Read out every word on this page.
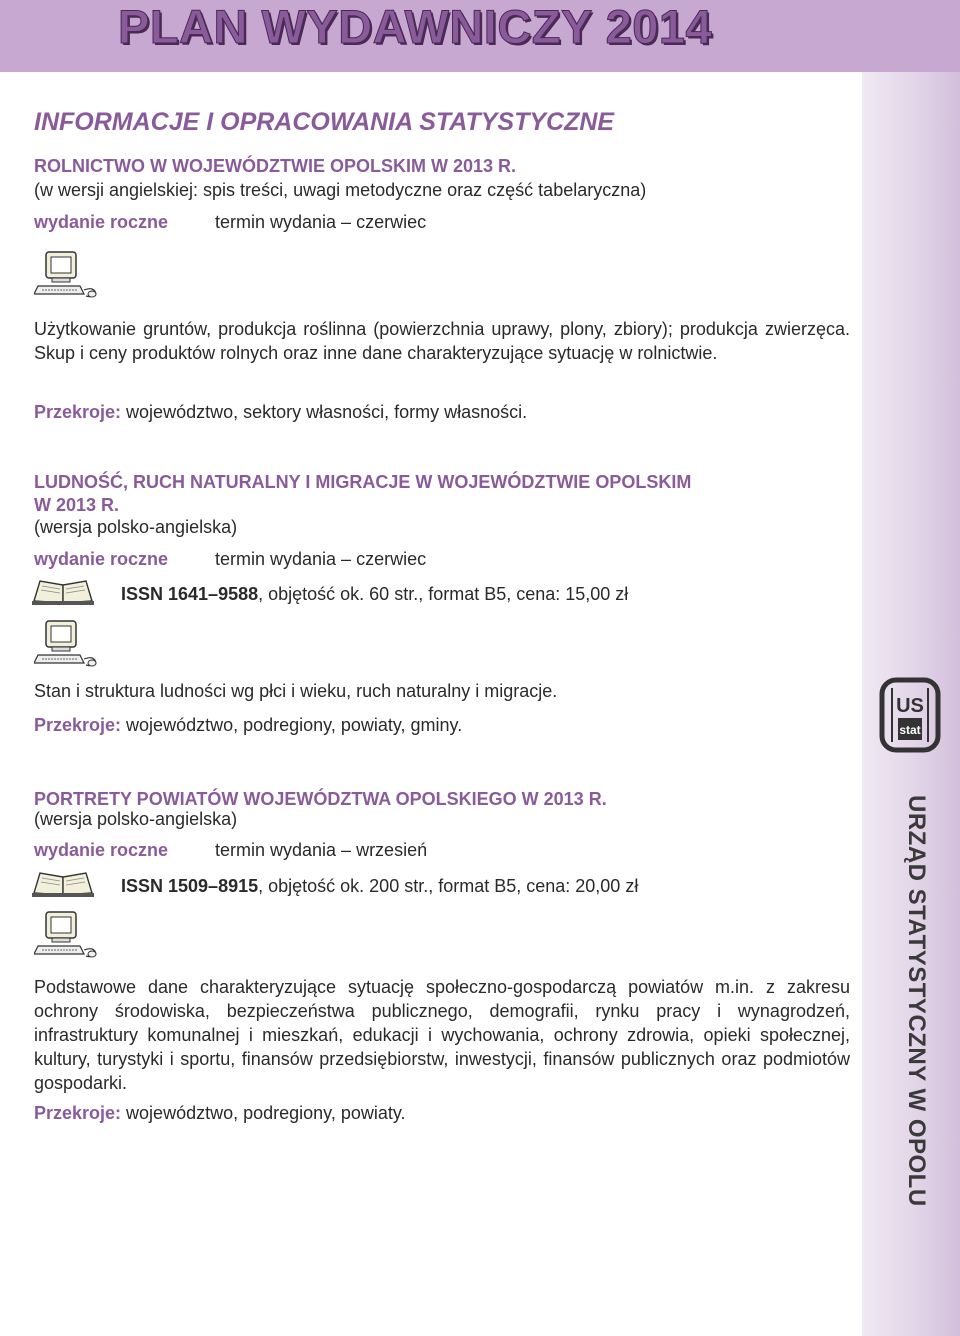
PLAN WYDAWNICZY 2014
US
stat
URZĄD STATYSTYCZNY W OPOLU
INFORMACJE I OPRACOWANIA STATYSTYCZNE
ROLNICTWO W WOJEWÓDZTWIE OPOLSKIM W 2013 R.
(w wersji angielskiej: spis treści, uwagi metodyczne oraz część tabelaryczna)
wydanie roczne	termin wydania – czerwiec
Użytkowanie gruntów, produkcja roślinna (powierzchnia uprawy, plony, zbiory); produkcja zwierzęca. Skup i ceny produktów rolnych oraz inne dane charakteryzujące sytuację w rolnictwie.
Przekroje: województwo, sektory własności, formy własności.
LUDNOŚĆ, RUCH NATURALNY I MIGRACJE W WOJEWÓDZTWIE OPOLSKIM
W 2013 R.
(wersja polsko-angielska)
wydanie roczne	termin wydania – czerwiec
ISSN 1641–9588, objętość ok. 60 str., format B5, cena: 15,00 zł
Stan i struktura ludności wg płci i wieku, ruch naturalny i migracje.
Przekroje: województwo, podregiony, powiaty, gminy.
PORTRETY POWIATÓW WOJEWÓDZTWA OPOLSKIEGO W 2013 R.
(wersja polsko-angielska)
wydanie roczne	termin wydania – wrzesień
ISSN 1509–8915, objętość ok. 200 str., format B5, cena: 20,00 zł
Podstawowe dane charakteryzujące sytuację społeczno-gospodarczą powiatów m.in. z zakresu ochrony środowiska, bezpieczeństwa publicznego, demografii, rynku pracy i wynagrodzeń, infrastruktury komunalnej i mieszkań, edukacji i wychowania, ochrony zdrowia, opieki społecznej, kultury, turystyki i sportu, finansów przedsiębiorstw, inwestycji, finansów publicznych oraz podmiotów gospodarki.
Przekroje: województwo, podregiony, powiaty.
